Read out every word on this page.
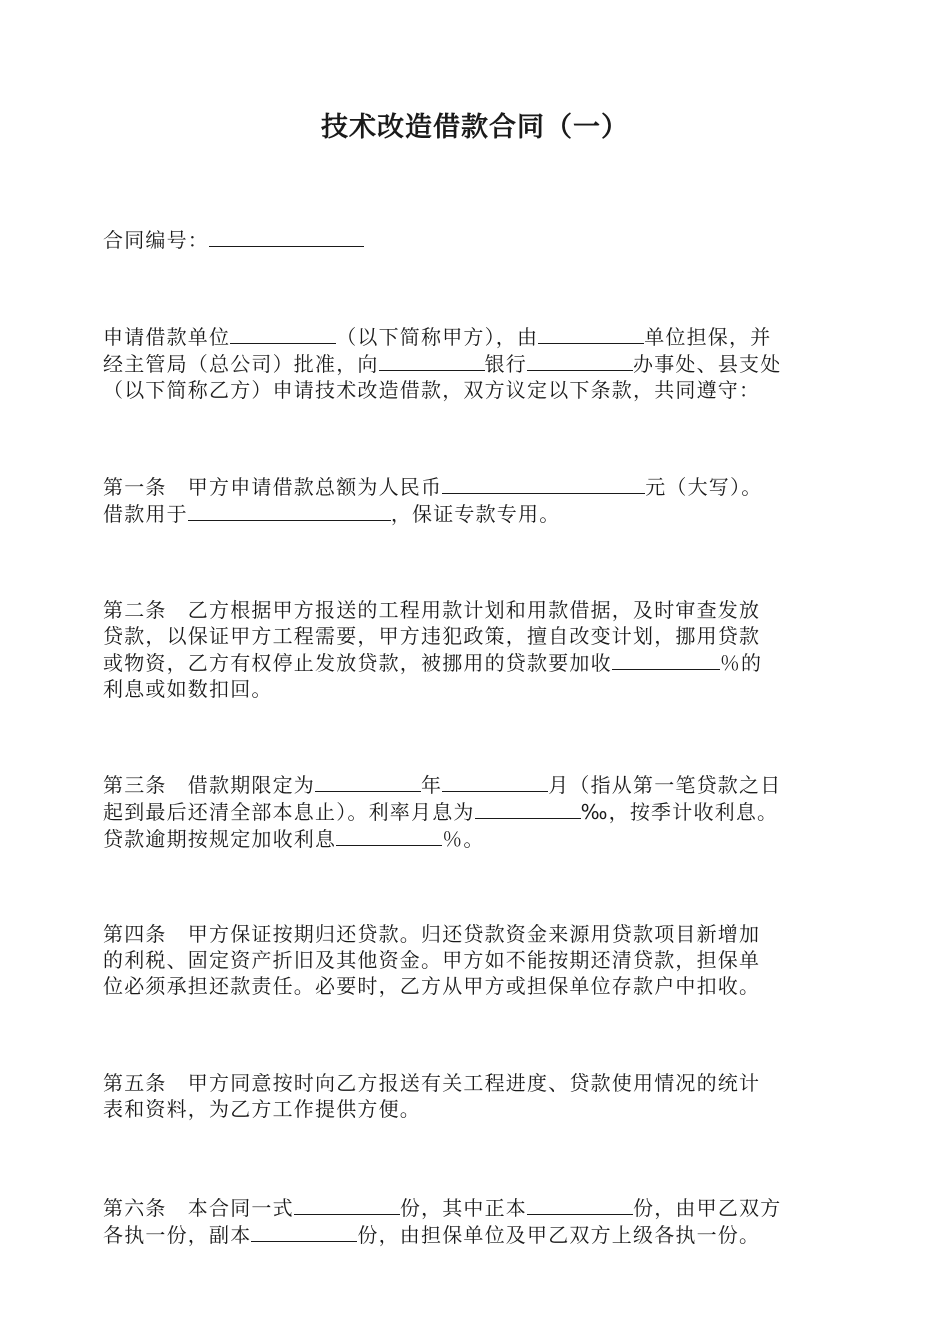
技术改造借款合同（一）
合同编号：
申请借款单位	（以下简称甲方），由	单位担保，并
经主管局（总公司）批准，向	银行	办事处、县支处
（以下简称乙方）申请技术改造借款，双方议定以下条款，共同遵守：
第一条　甲方申请借款总额为人民币	元（大写）。
借款用于	，保证专款专用。
第二条　乙方根据甲方报送的工程用款计划和用款借据，及时审查发放
贷款，以保证甲方工程需要，甲方违犯政策，擅自改变计划，挪用贷款
或物资，乙方有权停止发放贷款，被挪用的贷款要加收	％的
利息或如数扣回。
第三条　借款期限定为	年	月（指从第一笔贷款之日
起到最后还清全部本息止）。利率月息为	‰，按季计收利息。
贷款逾期按规定加收利息	％。
第四条　甲方保证按期归还贷款。归还贷款资金来源用贷款项目新增加
的利税、固定资产折旧及其他资金。甲方如不能按期还清贷款，担保单
位必须承担还款责任。必要时，乙方从甲方或担保单位存款户中扣收。
第五条　甲方同意按时向乙方报送有关工程进度、贷款使用情况的统计
表和资料，为乙方工作提供方便。
第六条　本合同一式	份，其中正本	份，由甲乙双方
各执一份，副本	份，由担保单位及甲乙双方上级各执一份。
